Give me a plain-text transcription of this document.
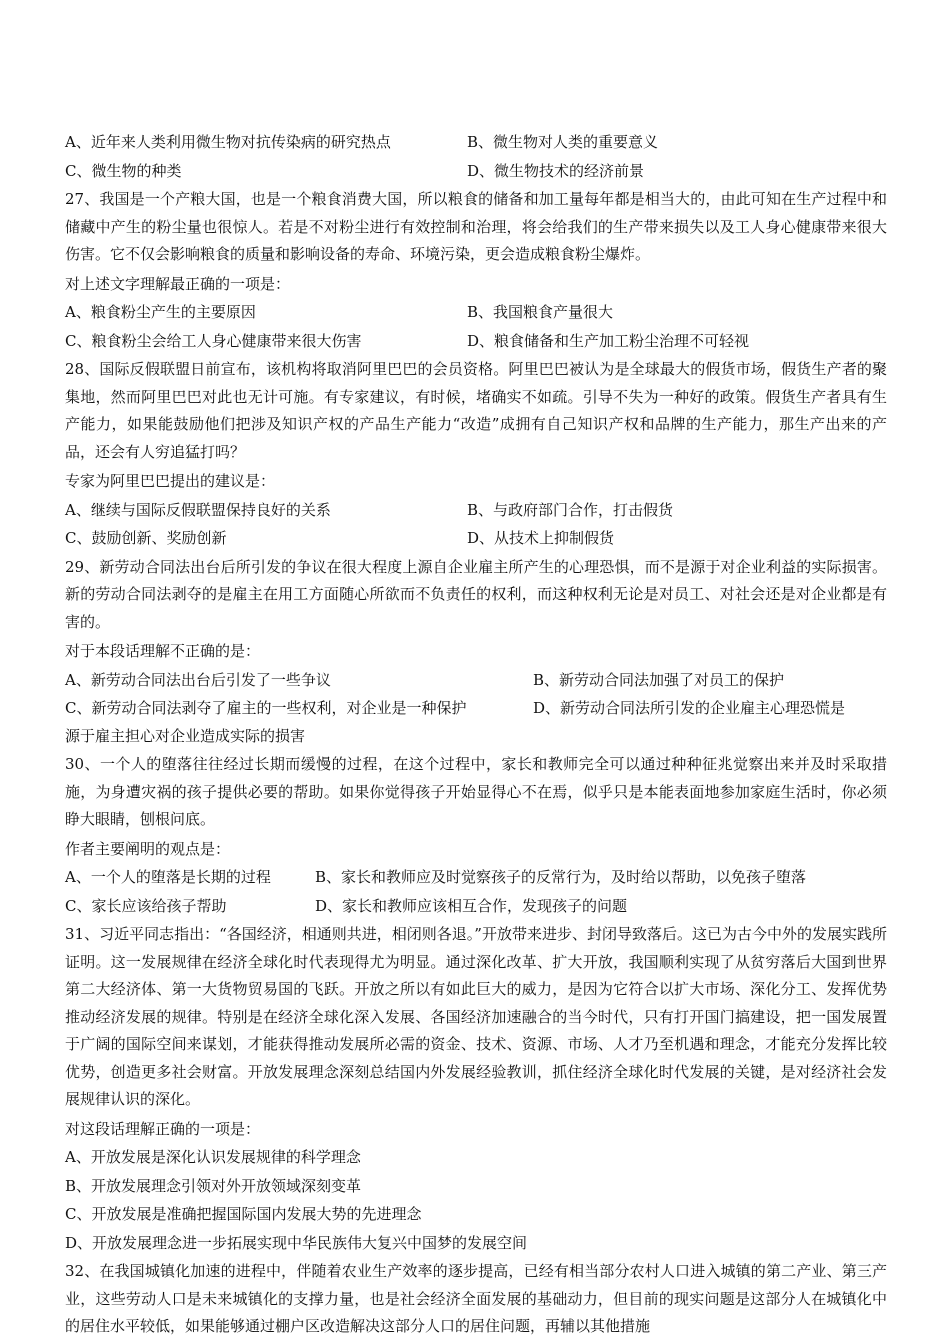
A、近年来人类利用微生物对抗传染病的研究热点	B、微生物对人类的重要意义
C、微生物的种类	D、微生物技术的经济前景
27、我国是一个产粮大国，也是一个粮食消费大国，所以粮食的储备和加工量每年都是相当大的，由此可知在生产过程中和储藏中产生的粉尘量也很惊人。若是不对粉尘进行有效控制和治理，将会给我们的生产带来损失以及工人身心健康带来很大伤害。它不仅会影响粮食的质量和影响设备的寿命、环境污染，更会造成粮食粉尘爆炸。
对上述文字理解最正确的一项是：
A、粮食粉尘产生的主要原因	B、我国粮食产量很大
C、粮食粉尘会给工人身心健康带来很大伤害	D、粮食储备和生产加工粉尘治理不可轻视
28、国际反假联盟日前宣布，该机构将取消阿里巴巴的会员资格。阿里巴巴被认为是全球最大的假货市场，假货生产者的聚集地，然而阿里巴巴对此也无计可施。有专家建议，有时候，堵确实不如疏。引导不失为一种好的政策。假货生产者具有生产能力，如果能鼓励他们把涉及知识产权的产品生产能力“改造”成拥有自己知识产权和品牌的生产能力，那生产出来的产品，还会有人穷追猛打吗？
专家为阿里巴巴提出的建议是：
A、继续与国际反假联盟保持良好的关系	B、与政府部门合作，打击假货
C、鼓励创新、奖励创新	D、从技术上抑制假货
29、新劳动合同法出台后所引发的争议在很大程度上源自企业雇主所产生的心理恐惧，而不是源于对企业利益的实际损害。新的劳动合同法剥夺的是雇主在用工方面随心所欲而不负责任的权利，而这种权利无论是对员工、对社会还是对企业都是有害的。
对于本段话理解不正确的是：
A、新劳动合同法出台后引发了一些争议	B、新劳动合同法加强了对员工的保护
C、新劳动合同法剥夺了雇主的一些权利，对企业是一种保护	D、新劳动合同法所引发的企业雇主心理恐慌是
源于雇主担心对企业造成实际的损害
30、一个人的堕落往往经过长期而缓慢的过程，在这个过程中，家长和教师完全可以通过种种征兆觉察出来并及时采取措施，为身遭灾祸的孩子提供必要的帮助。如果你觉得孩子开始显得心不在焉，似乎只是本能表面地参加家庭生活时，你必须睁大眼睛，刨根问底。
作者主要阐明的观点是：
A、一个人的堕落是长期的过程	B、家长和教师应及时觉察孩子的反常行为，及时给以帮助，以免孩子堕落
C、家长应该给孩子帮助	D、家长和教师应该相互合作，发现孩子的问题
31、习近平同志指出：“各国经济，相通则共进，相闭则各退。”开放带来进步、封闭导致落后。这已为古今中外的发展实践所证明。这一发展规律在经济全球化时代表现得尤为明显。通过深化改革、扩大开放，我国顺利实现了从贫穷落后大国到世界第二大经济体、第一大货物贸易国的飞跃。开放之所以有如此巨大的威力，是因为它符合以扩大市场、深化分工、发挥优势推动经济发展的规律。特别是在经济全球化深入发展、各国经济加速融合的当今时代，只有打开国门搞建设，把一国发展置于广阔的国际空间来谋划，才能获得推动发展所必需的资金、技术、资源、市场、人才乃至机遇和理念，才能充分发挥比较优势，创造更多社会财富。开放发展理念深刻总结国内外发展经验教训，抓住经济全球化时代发展的关键，是对经济社会发展规律认识的深化。
对这段话理解正确的一项是：
A、开放发展是深化认识发展规律的科学理念
B、开放发展理念引领对外开放领域深刻变革
C、开放发展是准确把握国际国内发展大势的先进理念
D、开放发展理念进一步拓展实现中华民族伟大复兴中国梦的发展空间
32、在我国城镇化加速的进程中，伴随着农业生产效率的逐步提高，已经有相当部分农村人口进入城镇的第二产业、第三产业，这些劳动人口是未来城镇化的支撑力量，也是社会经济全面发展的基础动力，但目前的现实问题是这部分人在城镇化中的居住水平较低，如果能够通过棚户区改造解决这部分人口的居住问题，再辅以其他措施
